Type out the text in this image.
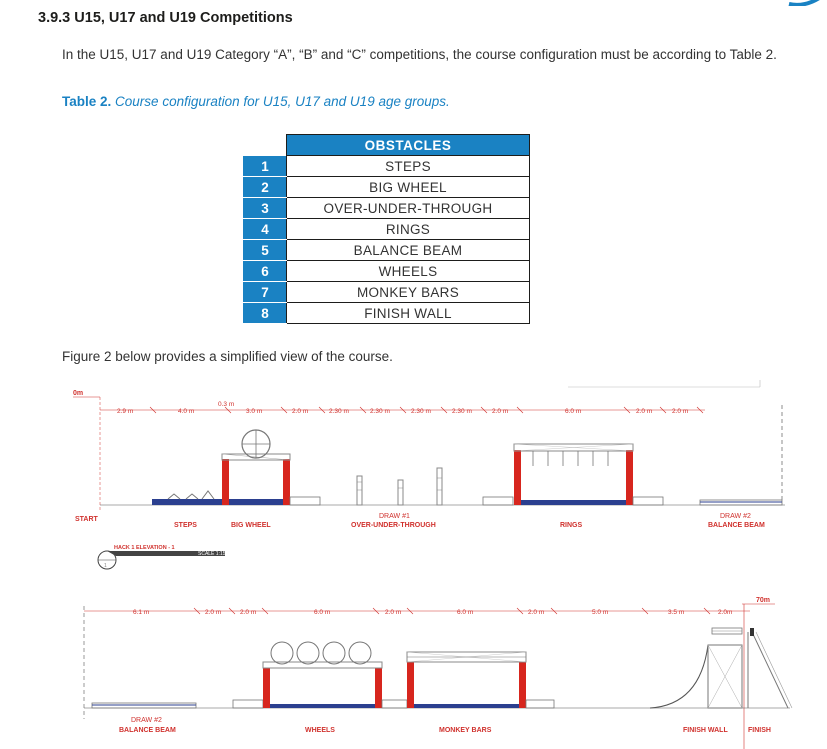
3.9.3 U15, U17 and U19 Competitions
In the U15, U17 and U19 Category “A”, “B” and “C” competitions, the course configuration must be according to Table 2.
Table 2. Course configuration for U15, U17 and U19 age groups.
	OBSTACLES
1	STEPS
2	BIG WHEEL
3	OVER-UNDER-THROUGH
4	RINGS
5	BALANCE BEAM
6	WHEELS
7	MONKEY BARS
8	FINISH WALL
Figure 2 below provides a simplified view of the course.
0m
2.9 m	4.0 m
0.3 m
3.0 m	2.0 m	2.30 m	2.30 m	2.30 m	2.30 m	2.0 m	6.0 m	2.0 m	2.0 m
START
STEPS	BIG WHEEL
DRAW #1
OVER-UNDER-THROUGH	RINGS
DRAW #2
BALANCE BEAM
1
HACK 1 ELEVATION - 1
SCALE 1:150
6.1 m	2.0 m	2.0 m	6.0 m	2.0 m	6.0 m	2.0 m	5.0 m	3.5 m	2.0m
70m
DRAW #2
BALANCE BEAM	WHEELS	MONKEY BARS	FINISH WALL	FINISH
